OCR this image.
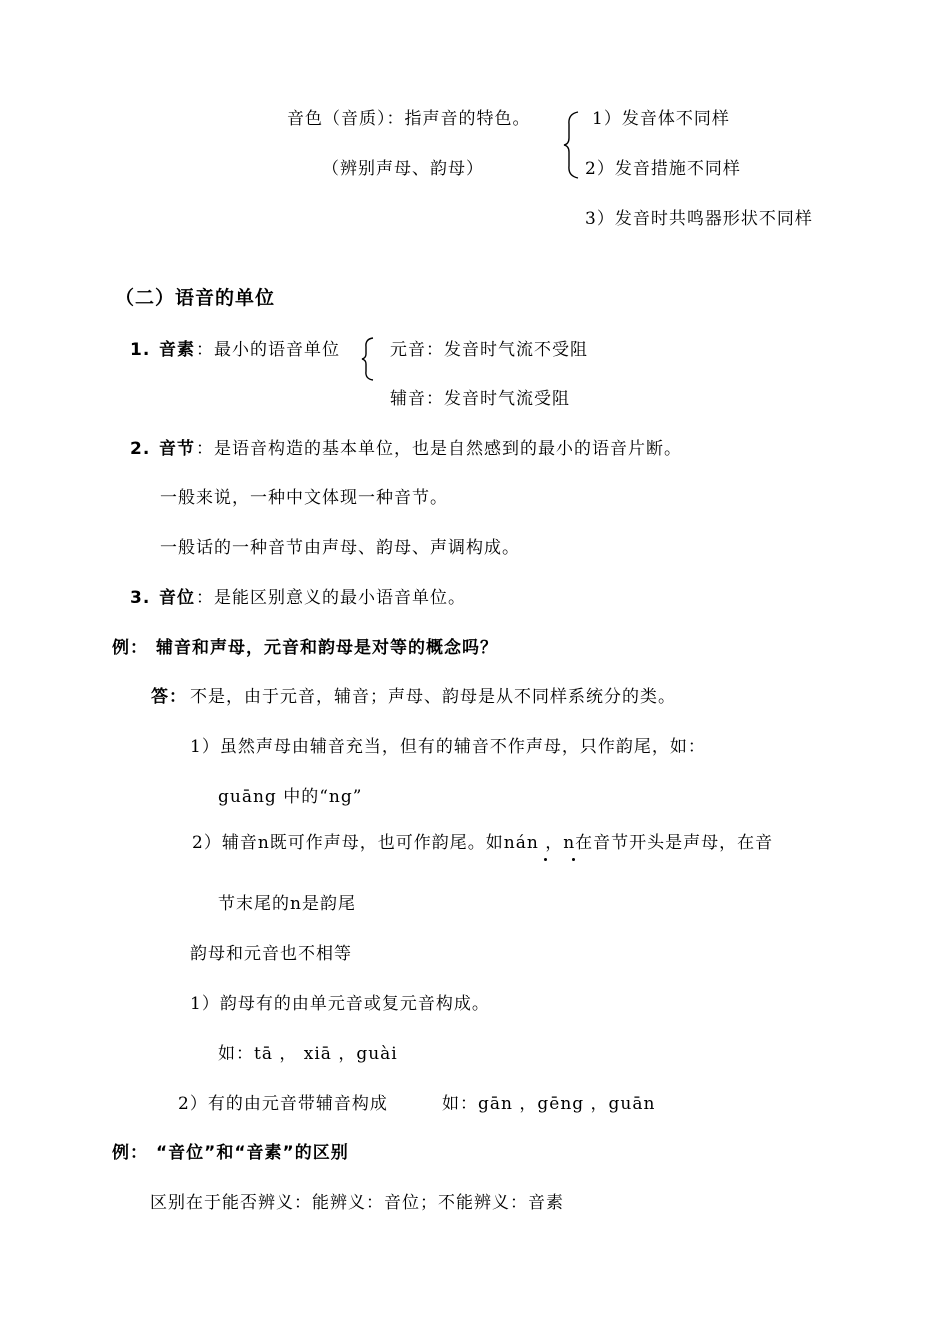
音色（音质）：指声音的特色。
（辨别声母、韵母）
1）发音体不同样
2）发音措施不同样
3）发音时共鸣器形状不同样
（二）语音的单位
1. 音素 ：最小的语音单位	元音：发音时气流不受阻
辅音：发音时气流受阻
2. 音节 ：是语音构造的基本单位，也是自然感到的最小的语音片断。
一般来说，一种中文体现一种音节。
一般话的一种音节由声母、韵母、声调构成。
3. 音位 ：是能区别意义的最小语音单位。
例： 辅音和声母，元音和韵母是对等的概念吗？
答： 不是，由于元音，辅音；声母、韵母是从不同样系统分的类。
1）虽然声母由辅音充当，但有的辅音不作声母，只作韵尾，如：
guāng 中的“ng”
2）辅音n既可作声母，也可作韵尾。如nán ，n在音节开头是声母，在音
节末尾的n是韵尾
韵母和元音也不相等
1）韵母有的由单元音或复元音构成。
如：tā ， xiā ，guài
2）有的由元音带辅音构成	如：gān ，gēng ，guān
例： “音位”和“音素”的区别
区别在于能否辨义：能辨义：音位；不能辨义：音素
